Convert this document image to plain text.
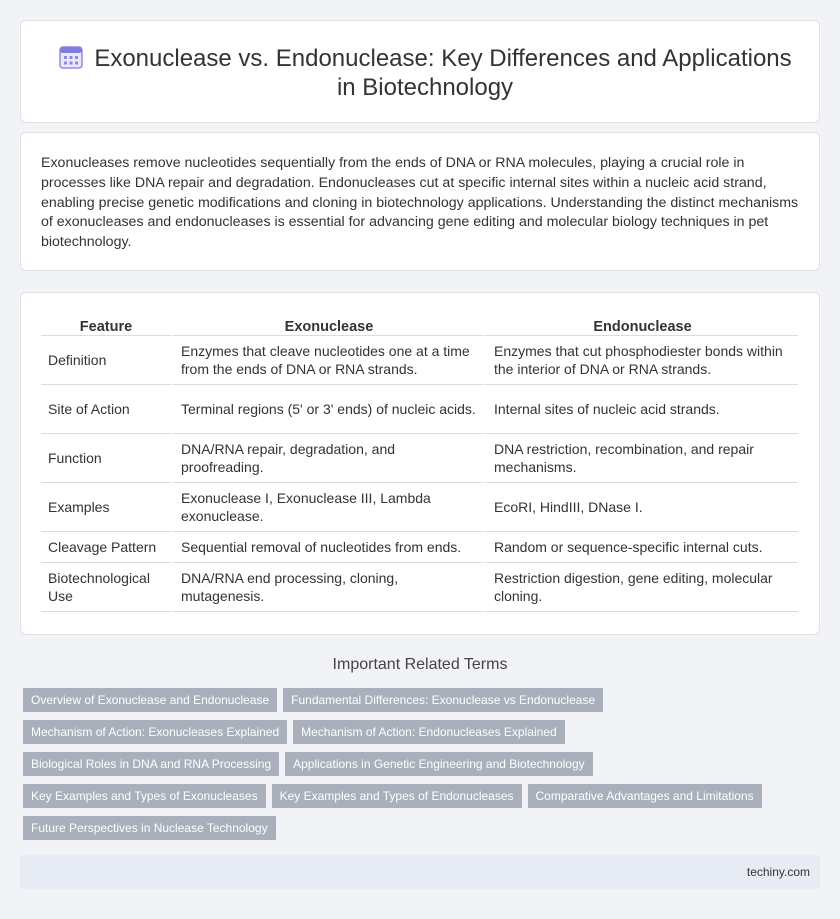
Exonuclease vs. Endonuclease: Key Differences and Applications in Biotechnology

Exonucleases remove nucleotides sequentially from the ends of DNA or RNA molecules, playing a crucial role in processes like DNA repair and degradation. Endonucleases cut at specific internal sites within a nucleic acid strand, enabling precise genetic modifications and cloning in biotechnology applications. Understanding the distinct mechanisms of exonucleases and endonucleases is essential for advancing gene editing and molecular biology techniques in pet biotechnology.

Feature	Exonuclease	Endonuclease
Definition	Enzymes that cleave nucleotides one at a time from the ends of DNA or RNA strands.	Enzymes that cut phosphodiester bonds within the interior of DNA or RNA strands.
Site of Action	Terminal regions (5' or 3' ends) of nucleic acids.	Internal sites of nucleic acid strands.
Function	DNA/RNA repair, degradation, and proofreading.	DNA restriction, recombination, and repair mechanisms.
Examples	Exonuclease I, Exonuclease III, Lambda exonuclease.	EcoRI, HindIII, DNase I.
Cleavage Pattern	Sequential removal of nucleotides from ends.	Random or sequence-specific internal cuts.
Biotechnological Use	DNA/RNA end processing, cloning, mutagenesis.	Restriction digestion, gene editing, molecular cloning.
Important Related Terms
Overview of Exonuclease and Endonuclease	Fundamental Differences: Exonuclease vs Endonuclease
Mechanism of Action: Exonucleases Explained	Mechanism of Action: Endonucleases Explained
Biological Roles in DNA and RNA Processing	Applications in Genetic Engineering and Biotechnology
Key Examples and Types of Exonucleases	Key Examples and Types of Endonucleases	Comparative Advantages and Limitations
Future Perspectives in Nuclease Technology
techiny.com
